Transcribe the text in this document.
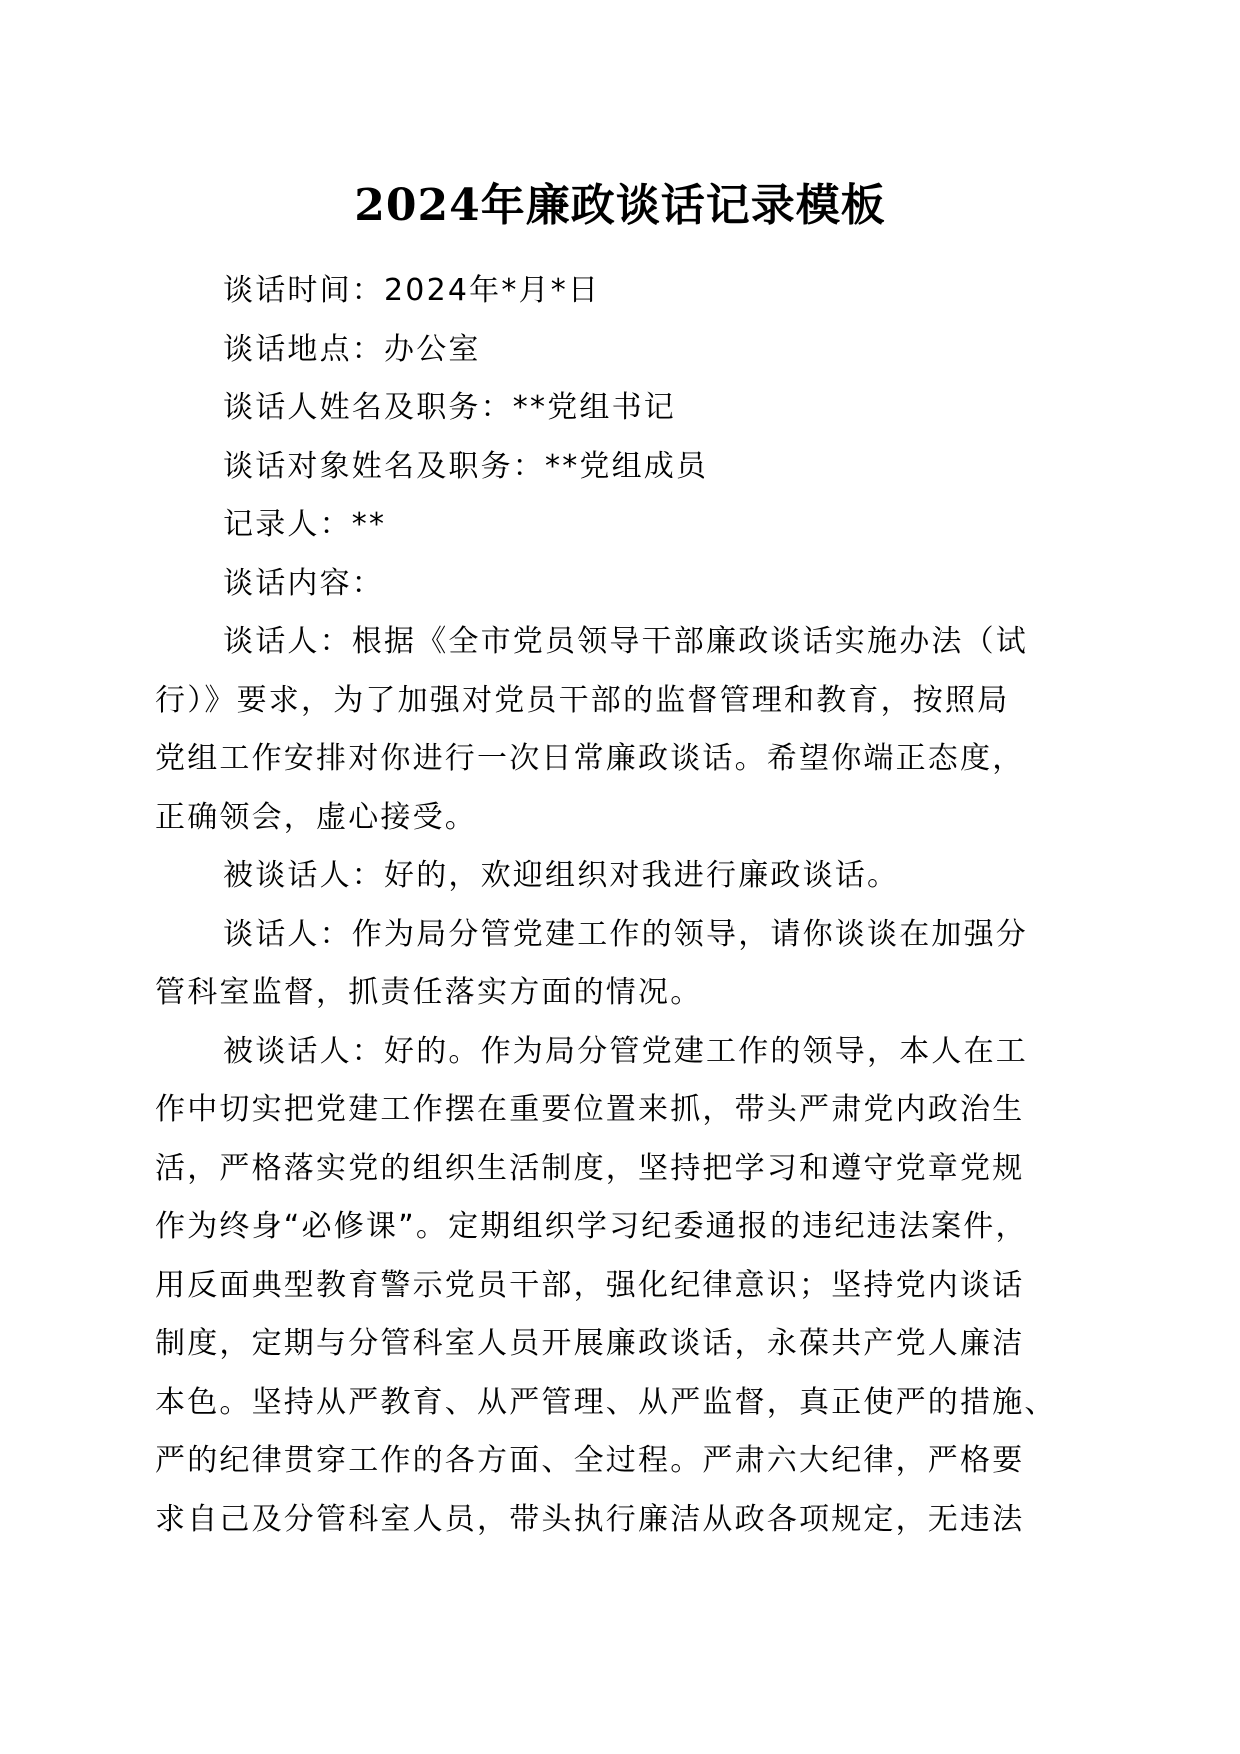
2024年廉政谈话记录模板

谈话时间：2024年*月*日

谈话地点：办公室

谈话人姓名及职务：**党组书记

谈话对象姓名及职务：**党组成员

记录人：**

谈话内容：

谈话人：根据《全市党员领导干部廉政谈话实施办法（试

行）》要求，为了加强对党员干部的监督管理和教育，按照局

党组工作安排对你进行一次日常廉政谈话。希望你端正态度，

正确领会，虚心接受。

被谈话人：好的，欢迎组织对我进行廉政谈话。

谈话人：作为局分管党建工作的领导，请你谈谈在加强分

管科室监督，抓责任落实方面的情况。

被谈话人：好的。作为局分管党建工作的领导，本人在工

作中切实把党建工作摆在重要位置来抓，带头严肃党内政治生

活，严格落实党的组织生活制度，坚持把学习和遵守党章党规

作为终身“必修课”。定期组织学习纪委通报的违纪违法案件，

用反面典型教育警示党员干部，强化纪律意识；坚持党内谈话

制度，定期与分管科室人员开展廉政谈话，永葆共产党人廉洁

本色。坚持从严教育、从严管理、从严监督，真正使严的措施、

严的纪律贯穿工作的各方面、全过程。严肃六大纪律，严格要

求自己及分管科室人员，带头执行廉洁从政各项规定，无违法
